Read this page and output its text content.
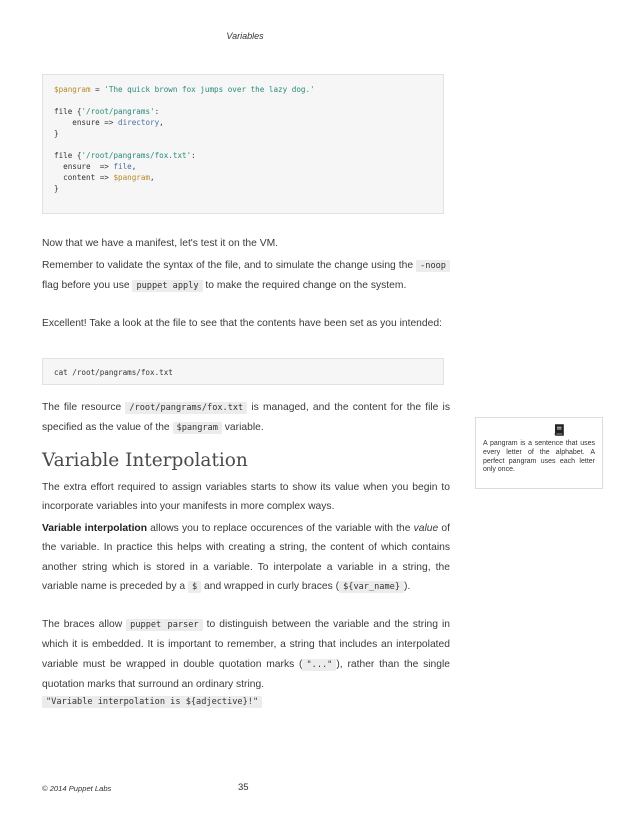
Variables
$pangram = 'The quick brown fox jumps over the lazy dog.'

file {'/root/pangrams':
ensure => directory,
}

file {'/root/pangrams/fox.txt':
ensure  => file,
content => $pangram,
}
Now that we have a manifest, let's test it on the VM.
Remember to validate the syntax of the file, and to simulate the change using the -noop flag before you use puppet apply to make the required change on the system.
Excellent! Take a look at the file to see that the contents have been set as you intended:
cat /root/pangrams/fox.txt
The file resource /root/pangrams/fox.txt is managed, and the content for the file is specified as the value of the $pangram variable.
Variable Interpolation
The extra effort required to assign variables starts to show its value when you begin to incorporate variables into your manifests in more complex ways.
Variable interpolation allows you to replace occurences of the variable with the value of the variable. In practice this helps with creating a string, the content of which contains another string which is stored in a variable. To interpolate a variable in a string, the variable name is preceded by a $ and wrapped in curly braces ( ${var_name} ).
The braces allow puppet parser to distinguish between the variable and the string in which it is embedded. It is important to remember, a string that includes an interpolated variable must be wrapped in double quotation marks ( "..." ), rather than the single quotation marks that surround an ordinary string.
"Variable interpolation is ${adjective}!"
A pangram is a sentence that uses every letter of the alphabet. A perfect pangram uses each letter only once.
© 2014 Puppet Labs	35
